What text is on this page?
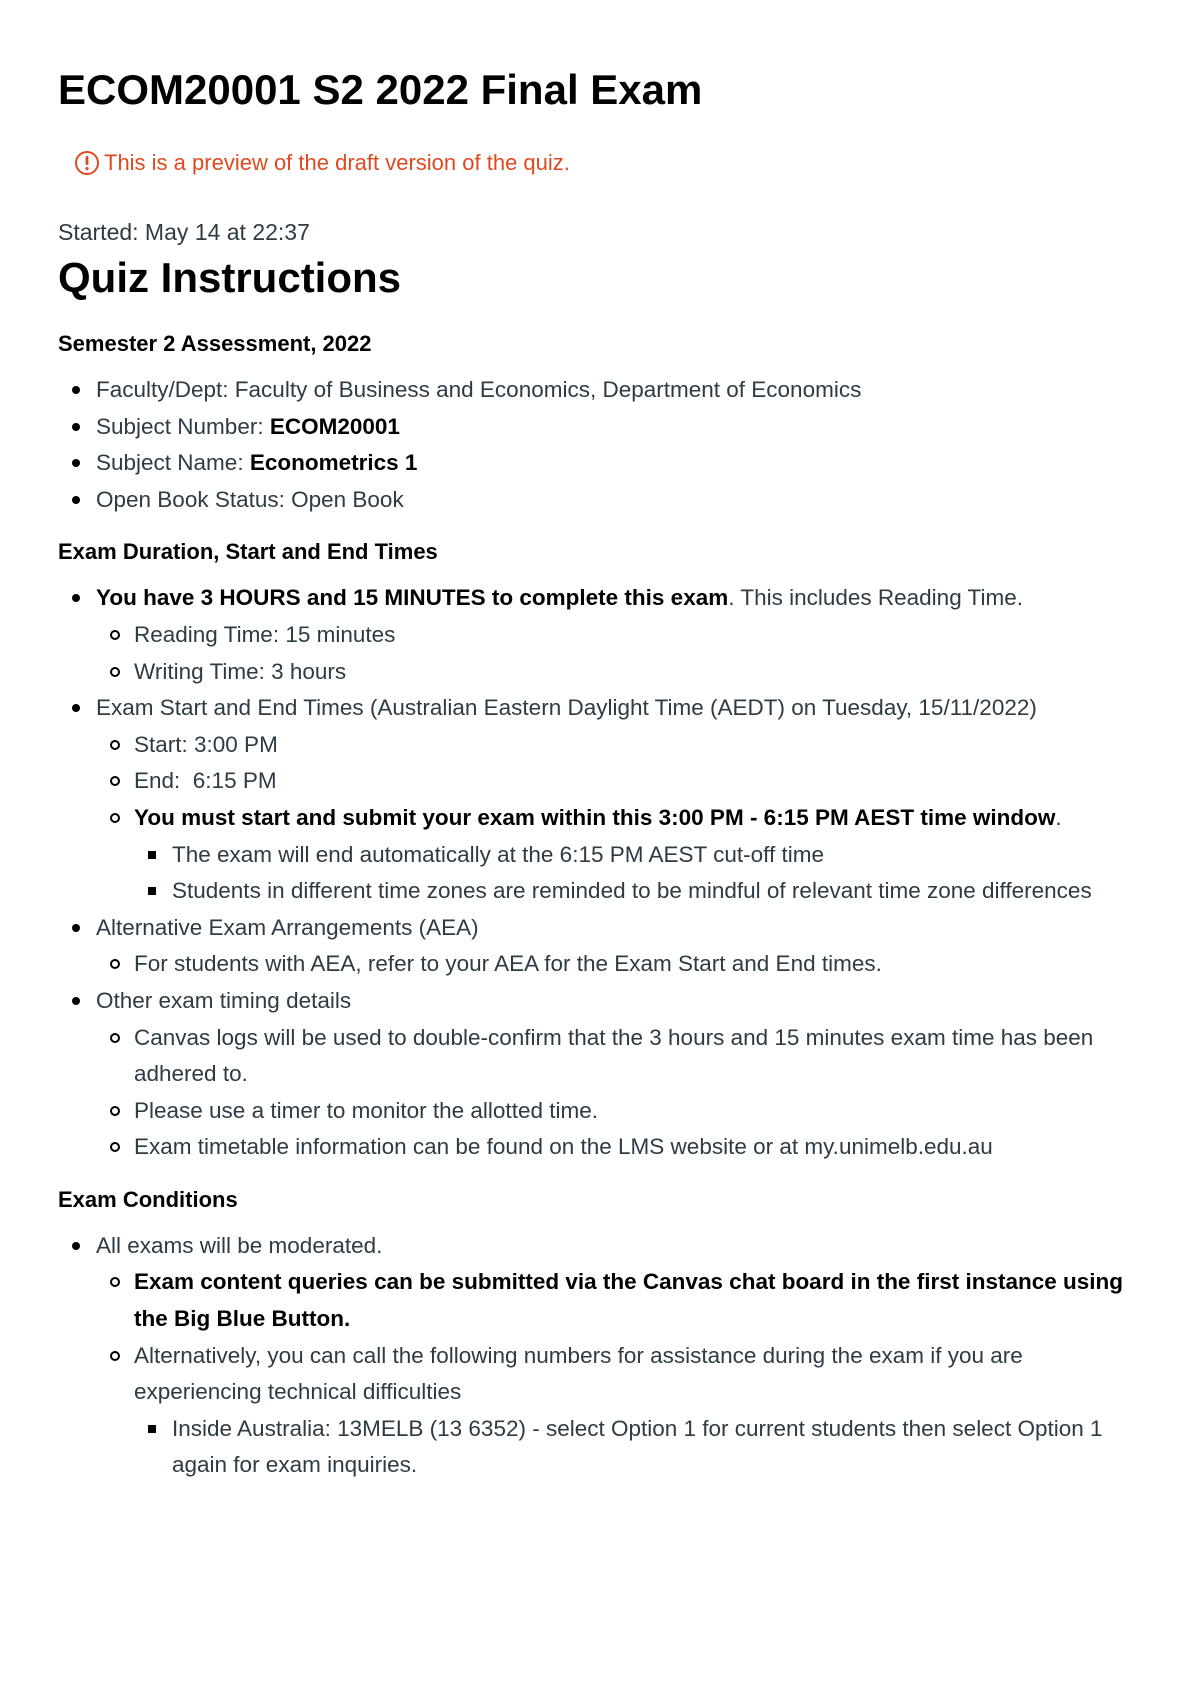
ECOM20001 S2 2022 Final Exam
This is a preview of the draft version of the quiz.
Started: May 14 at 22:37
Quiz Instructions
Semester 2 Assessment, 2022
Faculty/Dept: Faculty of Business and Economics, Department of Economics
Subject Number: ECOM20001
Subject Name: Econometrics 1
Open Book Status: Open Book
Exam Duration, Start and End Times
You have 3 HOURS and 15 MINUTES to complete this exam. This includes Reading Time.
Reading Time: 15 minutes
Writing Time: 3 hours
Exam Start and End Times (Australian Eastern Daylight Time (AEDT) on Tuesday, 15/11/2022)
Start: 3:00 PM
End:  6:15 PM
You must start and submit your exam within this 3:00 PM - 6:15 PM AEST time window.
The exam will end automatically at the 6:15 PM AEST cut-off time
Students in different time zones are reminded to be mindful of relevant time zone differences
Alternative Exam Arrangements (AEA)
For students with AEA, refer to your AEA for the Exam Start and End times.
Other exam timing details
Canvas logs will be used to double-confirm that the 3 hours and 15 minutes exam time has been adhered to.
Please use a timer to monitor the allotted time.
Exam timetable information can be found on the LMS website or at my.unimelb.edu.au
Exam Conditions
All exams will be moderated.
Exam content queries can be submitted via the Canvas chat board in the first instance using the Big Blue Button.
Alternatively, you can call the following numbers for assistance during the exam if you are experiencing technical difficulties
Inside Australia: 13MELB (13 6352) - select Option 1 for current students then select Option 1 again for exam inquiries.
